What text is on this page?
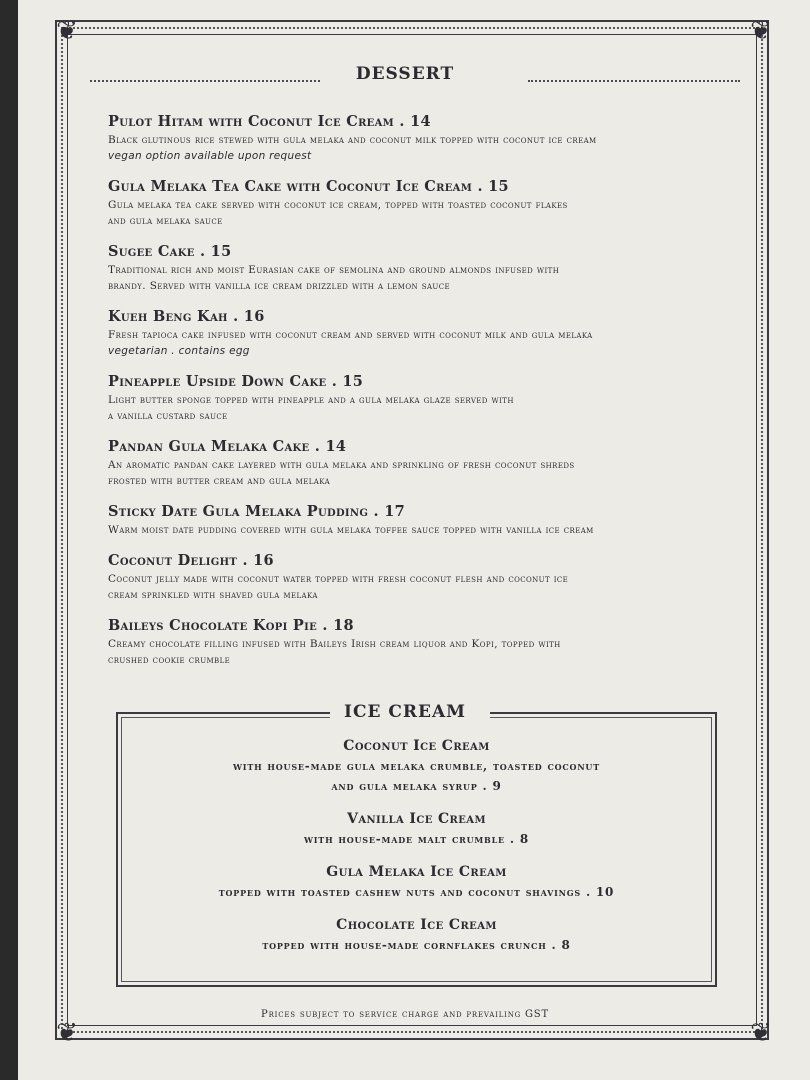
❦	❦
❦	❦
DESSERT
Pulot Hitam with Coconut Ice Cream . 14
Black glutinous rice stewed with gula melaka and coconut milk topped with coconut ice cream
vegan option available upon request
Gula Melaka Tea Cake with Coconut Ice Cream . 15
Gula melaka tea cake served with coconut ice cream, topped with toasted coconut flakes
and gula melaka sauce
Sugee Cake . 15
Traditional rich and moist Eurasian cake of semolina and ground almonds infused with
brandy. Served with vanilla ice cream drizzled with a lemon sauce
Kueh Beng Kah . 16
Fresh tapioca cake infused with coconut cream and served with coconut milk and gula melaka
vegetarian . contains egg
Pineapple Upside Down Cake . 15
Light butter sponge topped with pineapple and a gula melaka glaze served with
a vanilla custard sauce
Pandan Gula Melaka Cake . 14
An aromatic pandan cake layered with gula melaka and sprinkling of fresh coconut shreds
frosted with butter cream and gula melaka
Sticky Date Gula Melaka Pudding . 17
Warm moist date pudding covered with gula melaka toffee sauce topped with vanilla ice cream
Coconut Delight . 16
Coconut jelly made with coconut water topped with fresh coconut flesh and coconut ice
cream sprinkled with shaved gula melaka
Baileys Chocolate Kopi Pie . 18
Creamy chocolate filling infused with Baileys Irish cream liquor and Kopi, topped with
crushed cookie crumble
ICE CREAM
Coconut Ice Cream
with house-made gula melaka crumble, toasted coconut
and gula melaka syrup . 9
Vanilla Ice Cream
with house-made malt crumble . 8
Gula Melaka Ice Cream
topped with toasted cashew nuts and coconut shavings . 10
Chocolate Ice Cream
topped with house-made cornflakes crunch . 8
Prices subject to service charge and prevailing GST
